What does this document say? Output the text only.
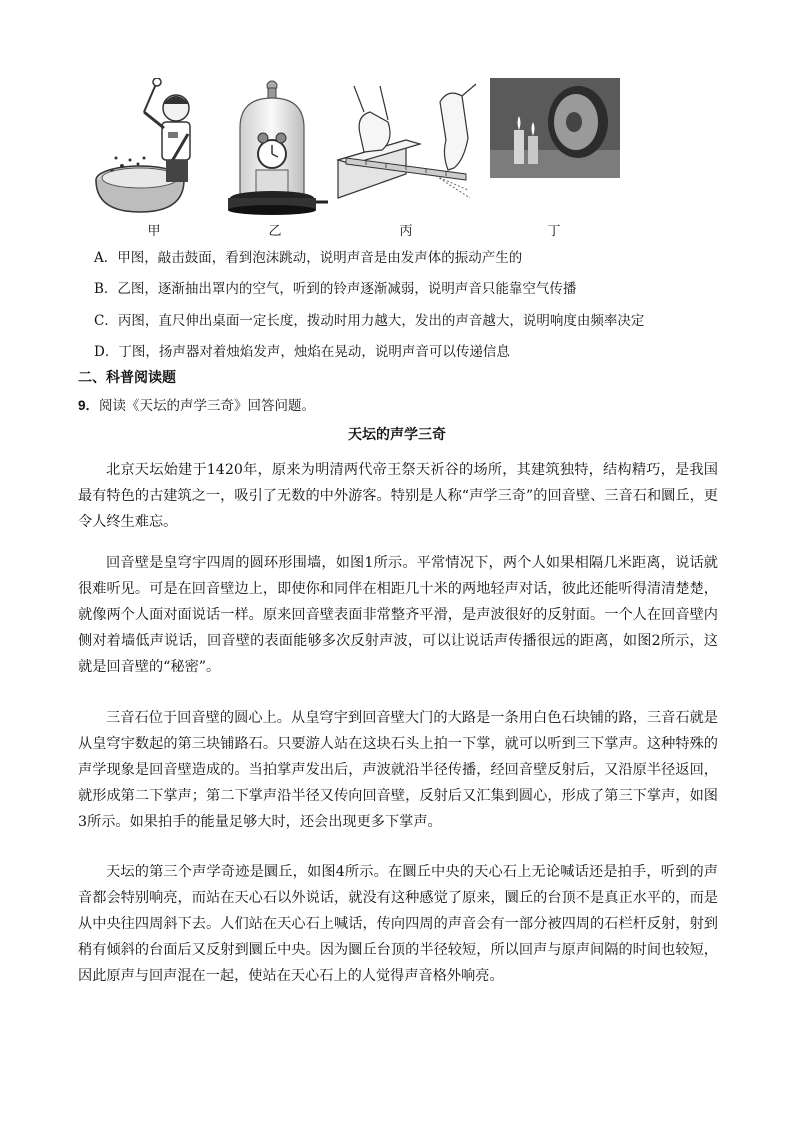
甲	乙	丙	丁
A．甲图，敲击鼓面，看到泡沫跳动，说明声音是由发声体的振动产生的
B．乙图，逐渐抽出罩内的空气，听到的铃声逐渐减弱，说明声音只能靠空气传播
C．丙图，直尺伸出桌面一定长度，拨动时用力越大，发出的声音越大，说明响度由频率决定
D．丁图，扬声器对着烛焰发声，烛焰在晃动，说明声音可以传递信息
二、科普阅读题
9．阅读《天坛的声学三奇》回答问题。
天坛的声学三奇

北京天坛始建于1420年，原来为明清两代帝王祭天祈谷的场所，其建筑独特，结构精巧，是我国最有特色的古建筑之一，吸引了无数的中外游客。特别是人称“声学三奇”的回音壁、三音石和圜丘，更令人终生难忘。

回音壁是皇穹宇四周的圆环形围墙，如图1所示。平常情况下，两个人如果相隔几米距离，说话就很难听见。可是在回音壁边上，即使你和同伴在相距几十米的两地轻声对话，彼此还能听得清清楚楚，就像两个人面对面说话一样。原来回音壁表面非常整齐平滑，是声波很好的反射面。一个人在回音壁内侧对着墙低声说话，回音壁的表面能够多次反射声波，可以让说话声传播很远的距离，如图2所示，这就是回音壁的“秘密”。

三音石位于回音壁的圆心上。从皇穹宇到回音壁大门的大路是一条用白色石块铺的路，三音石就是从皇穹宇数起的第三块铺路石。只要游人站在这块石头上拍一下掌，就可以听到三下掌声。这种特殊的声学现象是回音壁造成的。当拍掌声发出后，声波就沿半径传播，经回音壁反射后，又沿原半径返回，就形成第二下掌声；第二下掌声沿半径又传向回音壁，反射后又汇集到圆心，形成了第三下掌声，如图3所示。如果拍手的能量足够大时，还会出现更多下掌声。

天坛的第三个声学奇迹是圜丘，如图4所示。在圜丘中央的天心石上无论喊话还是拍手，听到的声音都会特别响亮，而站在天心石以外说话，就没有这种感觉了原来，圜丘的台顶不是真正水平的，而是从中央往四周斜下去。人们站在天心石上喊话，传向四周的声音会有一部分被四周的石栏杆反射，射到稍有倾斜的台面后又反射到圜丘中央。因为圜丘台顶的半径较短，所以回声与原声间隔的时间也较短，因此原声与回声混在一起，使站在天心石上的人觉得声音格外响亮。
